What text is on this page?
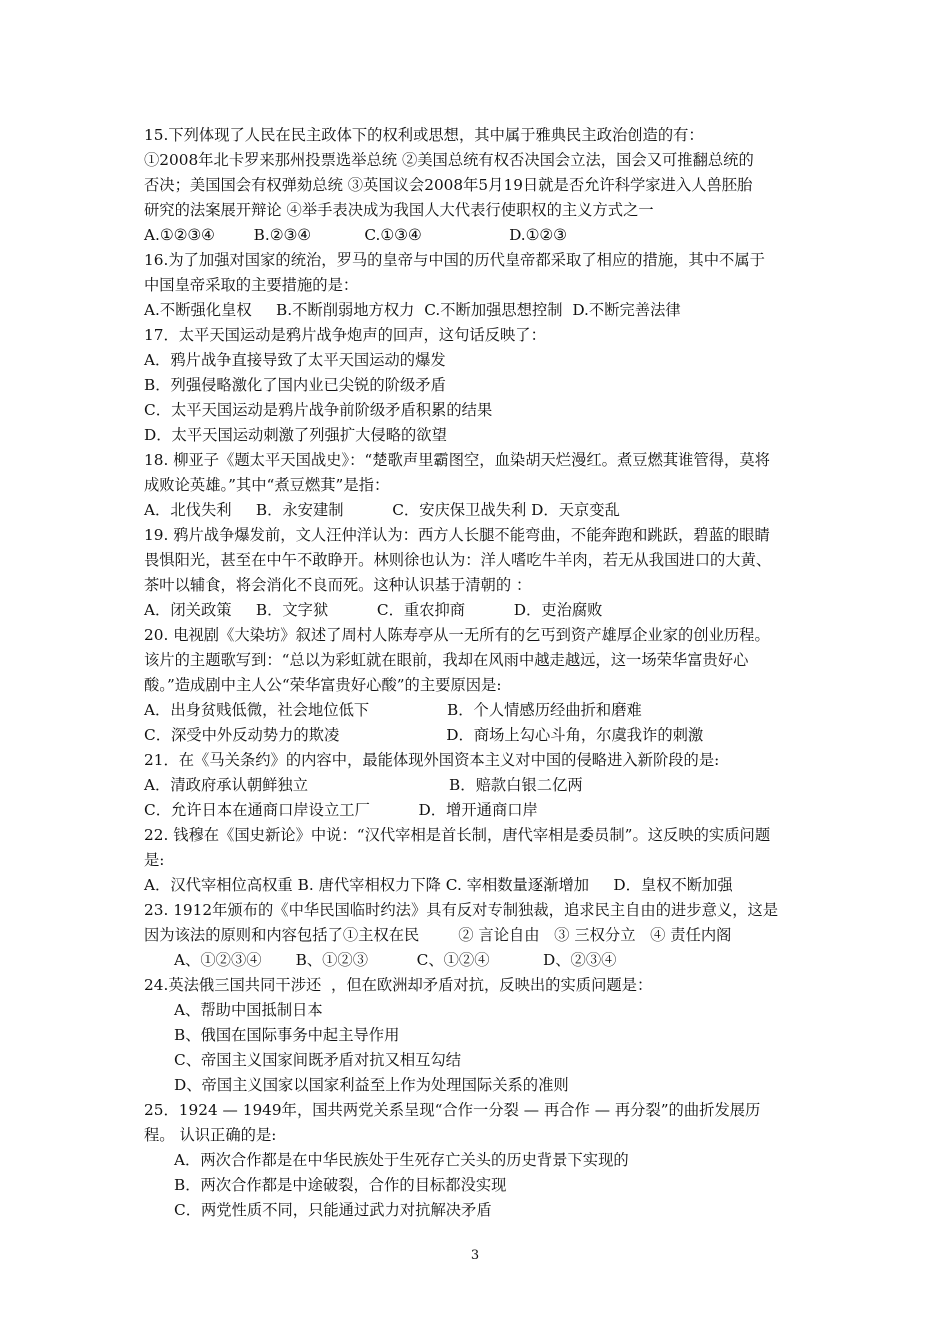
15.下列体现了人民在民主政体下的权利或思想，其中属于雅典民主政治创造的有：
①2008年北卡罗来那州投票选举总统 ②美国总统有权否决国会立法，国会又可推翻总统的
否决；美国国会有权弹劾总统 ③英国议会2008年5月19日就是否允许科学家进入人兽胚胎
研究的法案展开辩论 ④举手表决成为我国人大代表行使职权的主义方式之一
A.①②③④        B.②③④           C.①③④                  D.①②③
16.为了加强对国家的统治，罗马的皇帝与中国的历代皇帝都采取了相应的措施，其中不属于
中国皇帝采取的主要措施的是：
A.不断强化皇权     B.不断削弱地方权力  C.不断加强思想控制  D.不断完善法律
17．太平天国运动是鸦片战争炮声的回声，这句话反映了：
A．鸦片战争直接导致了太平天国运动的爆发
B．列强侵略激化了国内业已尖锐的阶级矛盾
C．太平天国运动是鸦片战争前阶级矛盾积累的结果
D．太平天国运动刺激了列强扩大侵略的欲望
18. 柳亚子《题太平天国战史》：“楚歌声里霸图空，血染胡天烂漫红。煮豆燃萁谁管得，莫将
成败论英雄。”其中“煮豆燃萁”是指：
A．北伐失利     B．永安建制          C．安庆保卫战失利 D．天京变乱
19. 鸦片战争爆发前，文人汪仲洋认为：西方人长腿不能弯曲，不能奔跑和跳跃，碧蓝的眼睛
畏惧阳光，甚至在中午不敢睁开。林则徐也认为：洋人嗜吃牛羊肉，若无从我国进口的大黄、
茶叶以辅食，将会消化不良而死。这种认识基于清朝的 ：
A．闭关政策     B．文字狱          C．重农抑商          D．吏治腐败
20. 电视剧《大染坊》叙述了周村人陈寿亭从一无所有的乞丐到资产雄厚企业家的创业历程。
该片的主题歌写到：“总以为彩虹就在眼前，我却在风雨中越走越远，这一场荣华富贵好心
酸。”造成剧中主人公“荣华富贵好心酸”的主要原因是:
A．出身贫贱低微，社会地位低下                B．个人情感历经曲折和磨难
C．深受中外反动势力的欺凌                      D．商场上勾心斗角，尔虞我诈的刺激
21．在《马关条约》的内容中，最能体现外国资本主义对中国的侵略进入新阶段的是:
A．清政府承认朝鲜独立                             B．赔款白银二亿两
C．允许日本在通商口岸设立工厂          D．增开通商口岸
22. 钱穆在《国史新论》中说：“汉代宰相是首长制，唐代宰相是委员制”。这反映的实质问题
是:
A．汉代宰相位高权重 B. 唐代宰相权力下降 C. 宰相数量逐渐增加     D．皇权不断加强
23. 1912年颁布的《中华民国临时约法》具有反对专制独裁，追求民主自由的进步意义，这是
因为该法的原则和内容包括了①主权在民        ② 言论自由   ③ 三权分立   ④ 责任内阁
A、①②③④       B、①②③          C、①②④           D、②③④
24.英法俄三国共同干涉还  ，但在欧洲却矛盾对抗，反映出的实质问题是：
A、帮助中国抵制日本
B、俄国在国际事务中起主导作用
C、帝国主义国家间既矛盾对抗又相互勾结
D、帝国主义国家以国家利益至上作为处理国际关系的准则
25．1924 — 1949年，国共两党关系呈现“合作一分裂 — 再合作 — 再分裂”的曲折发展历
程。 认识正确的是:
A．两次合作都是在中华民族处于生死存亡关头的历史背景下实现的
B．两次合作都是中途破裂，合作的目标都没实现
C．两党性质不同，只能通过武力对抗解决矛盾
3
